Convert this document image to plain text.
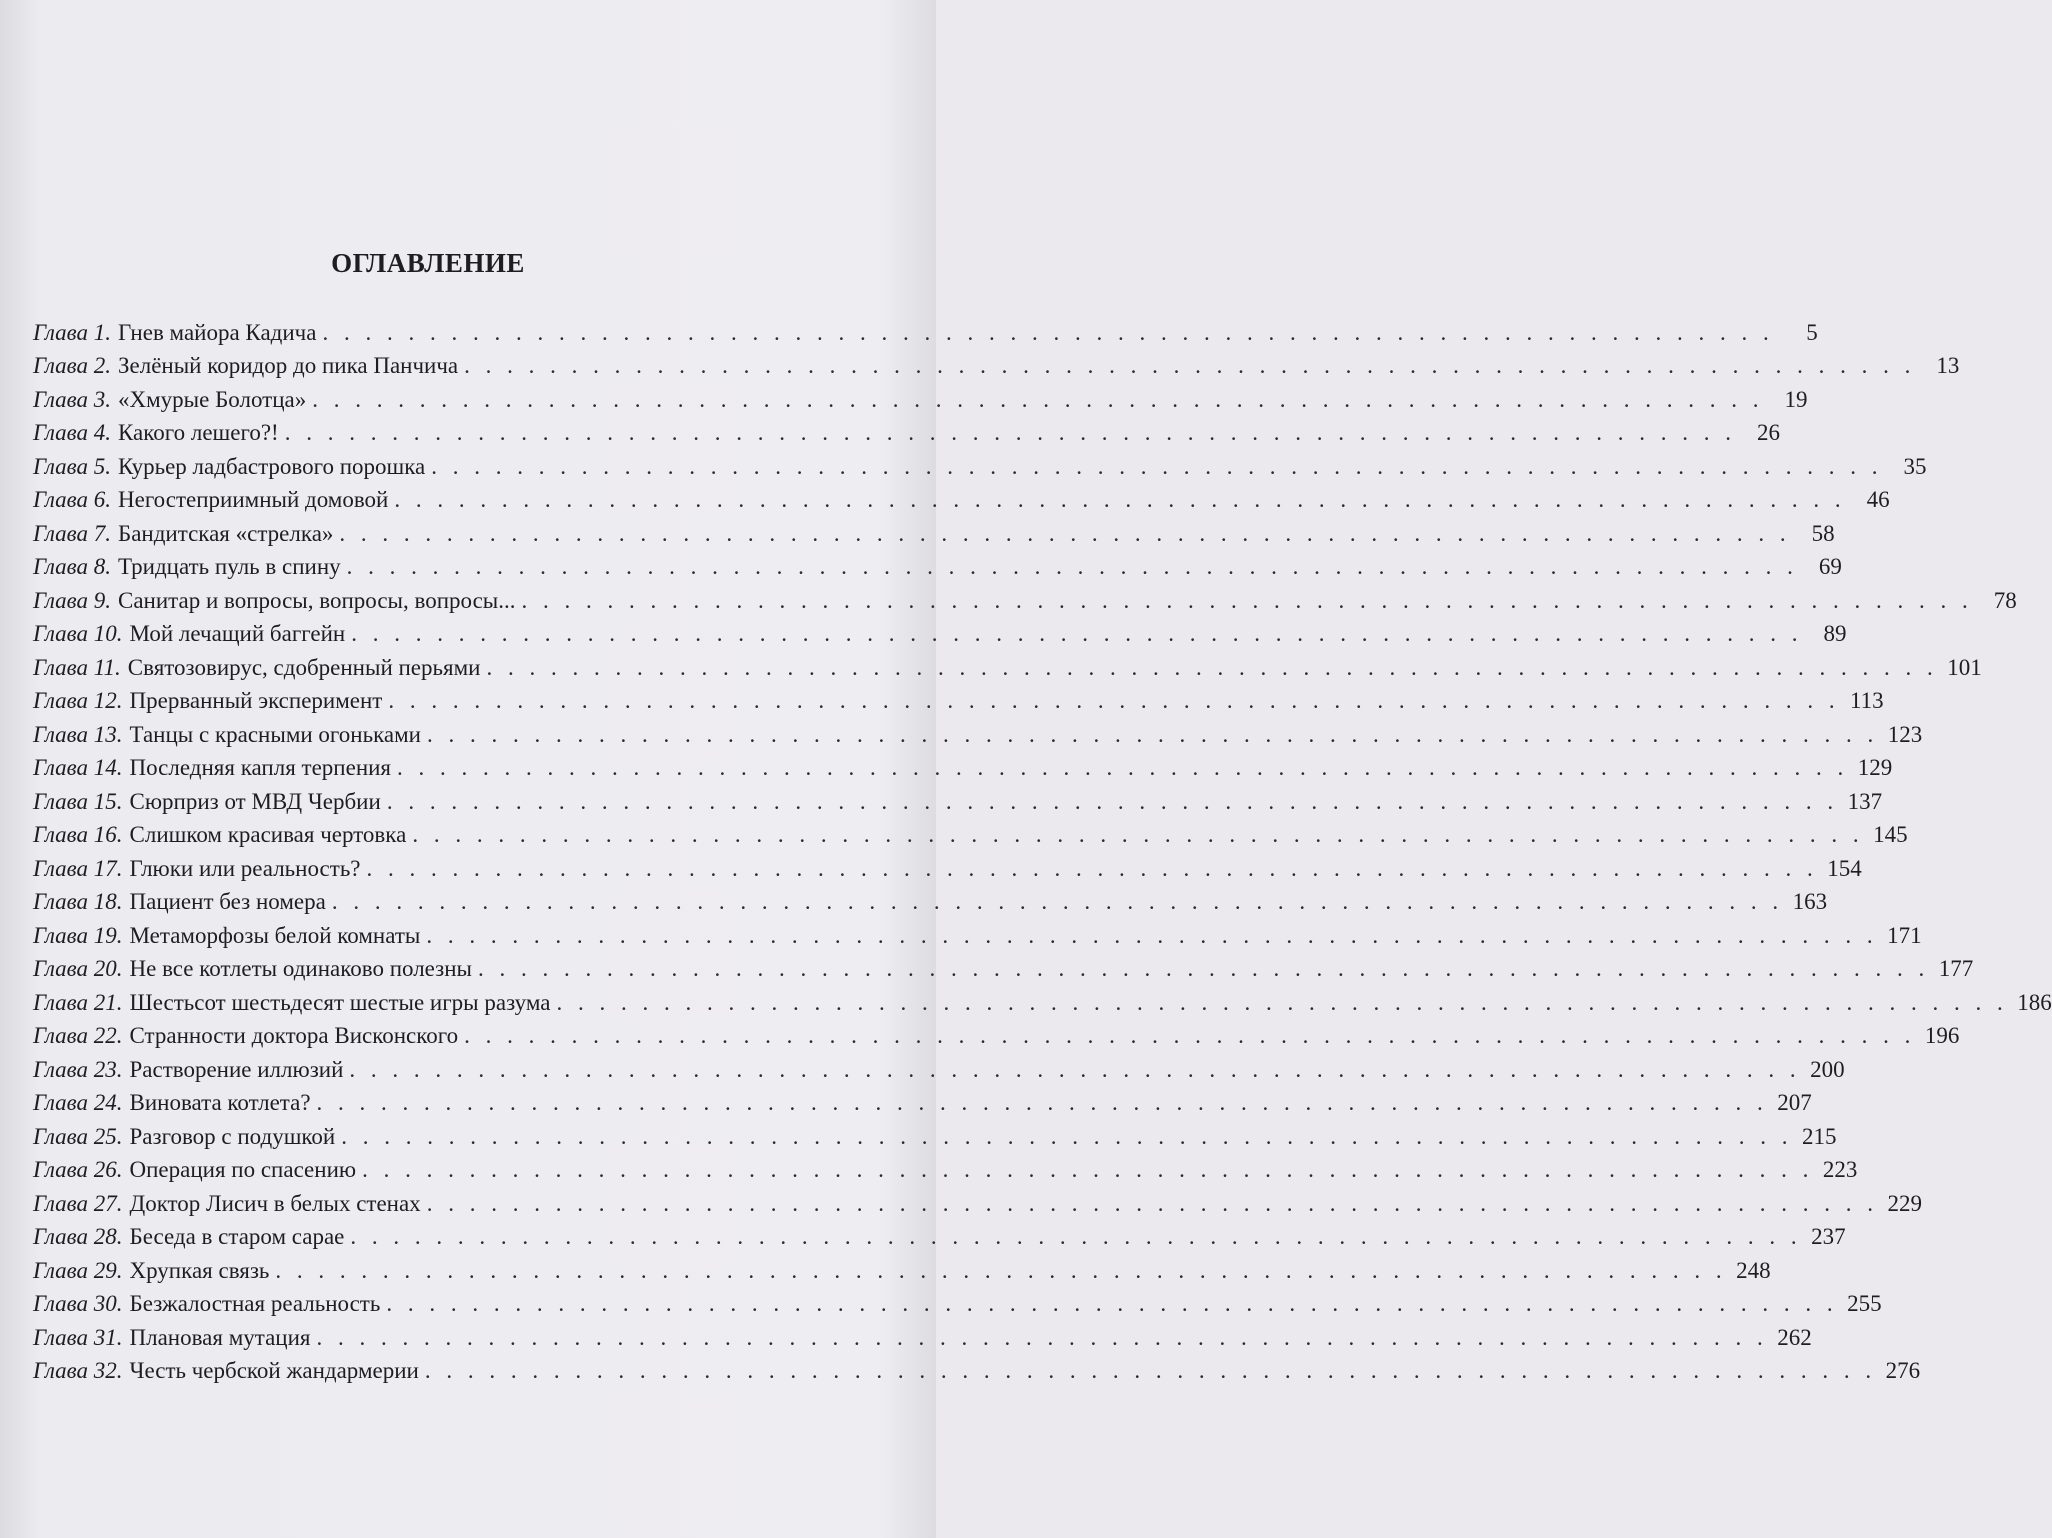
ОГЛАВЛЕНИЕ
Глава 1. Гнев майора Кадича . . . . . . . . . . . . . . . . . . . . . . . . . . . . . . . . . . . . . . . . . . . . . . . . . . . . . . . . . . . . . . . . . . . .	5
Глава 2. Зелёный коридор до пика Панчича . . . . . . . . . . . . . . . . . . . . . . . . . . . . . . . . . . . . . . . . . . . . . . . . . . . . . . . . . . . . . . . . . . . . 13
Глава 3. «Хмурые Болотца» . . . . . . . . . . . . . . . . . . . . . . . . . . . . . . . . . . . . . . . . . . . . . . . . . . . . . . . . . . . . . . . . . . . . 19
Глава 4. Какого лешего?! . . . . . . . . . . . . . . . . . . . . . . . . . . . . . . . . . . . . . . . . . . . . . . . . . . . . . . . . . . . . . . . . . . . . 26
Глава 5. Курьер ладбастрового порошка . . . . . . . . . . . . . . . . . . . . . . . . . . . . . . . . . . . . . . . . . . . . . . . . . . . . . . . . . . . . . . . . . . . . 35
Глава 6. Негостеприимный домовой . . . . . . . . . . . . . . . . . . . . . . . . . . . . . . . . . . . . . . . . . . . . . . . . . . . . . . . . . . . . . . . . . . . . 46
Глава 7. Бандитская «стрелка» . . . . . . . . . . . . . . . . . . . . . . . . . . . . . . . . . . . . . . . . . . . . . . . . . . . . . . . . . . . . . . . . . . . . 58
Глава 8. Тридцать пуль в спину . . . . . . . . . . . . . . . . . . . . . . . . . . . . . . . . . . . . . . . . . . . . . . . . . . . . . . . . . . . . . . . . . . . . 69
Глава 9. Санитар и вопросы, вопросы, вопросы... . . . . . . . . . . . . . . . . . . . . . . . . . . . . . . . . . . . . . . . . . . . . . . . . . . . . . . . . . . . . . . . . . . . . 78
Глава 10. Мой лечащий баггейн . . . . . . . . . . . . . . . . . . . . . . . . . . . . . . . . . . . . . . . . . . . . . . . . . . . . . . . . . . . . . . . . . . . . 89
Глава 11. Святозовирус, сдобренный перьями . . . . . . . . . . . . . . . . . . . . . . . . . . . . . . . . . . . . . . . . . . . . . . . . . . . . . . . . . . . . . . . . . . . . 101
Глава 12. Прерванный эксперимент . . . . . . . . . . . . . . . . . . . . . . . . . . . . . . . . . . . . . . . . . . . . . . . . . . . . . . . . . . . . . . . . . . . . 113
Глава 13. Танцы с красными огоньками . . . . . . . . . . . . . . . . . . . . . . . . . . . . . . . . . . . . . . . . . . . . . . . . . . . . . . . . . . . . . . . . . . . . 123
Глава 14. Последняя капля терпения . . . . . . . . . . . . . . . . . . . . . . . . . . . . . . . . . . . . . . . . . . . . . . . . . . . . . . . . . . . . . . . . . . . . 129
Глава 15. Сюрприз от МВД Чербии . . . . . . . . . . . . . . . . . . . . . . . . . . . . . . . . . . . . . . . . . . . . . . . . . . . . . . . . . . . . . . . . . . . . 137
Глава 16. Слишком красивая чертовка . . . . . . . . . . . . . . . . . . . . . . . . . . . . . . . . . . . . . . . . . . . . . . . . . . . . . . . . . . . . . . . . . . . . 145
Глава 17. Глюки или реальность? . . . . . . . . . . . . . . . . . . . . . . . . . . . . . . . . . . . . . . . . . . . . . . . . . . . . . . . . . . . . . . . . . . . . 154
Глава 18. Пациент без номера . . . . . . . . . . . . . . . . . . . . . . . . . . . . . . . . . . . . . . . . . . . . . . . . . . . . . . . . . . . . . . . . . . . . 163
Глава 19. Метаморфозы белой комнаты . . . . . . . . . . . . . . . . . . . . . . . . . . . . . . . . . . . . . . . . . . . . . . . . . . . . . . . . . . . . . . . . . . . . 171
Глава 20. Не все котлеты одинаково полезны . . . . . . . . . . . . . . . . . . . . . . . . . . . . . . . . . . . . . . . . . . . . . . . . . . . . . . . . . . . . . . . . . . . . 177
Глава 21. Шестьсот шестьдесят шестые игры разума . . . . . . . . . . . . . . . . . . . . . . . . . . . . . . . . . . . . . . . . . . . . . . . . . . . . . . . . . . . . . . . . . . . . 186
Глава 22. Странности доктора Висконского . . . . . . . . . . . . . . . . . . . . . . . . . . . . . . . . . . . . . . . . . . . . . . . . . . . . . . . . . . . . . . . . . . . . 196
Глава 23. Растворение иллюзий . . . . . . . . . . . . . . . . . . . . . . . . . . . . . . . . . . . . . . . . . . . . . . . . . . . . . . . . . . . . . . . . . . . . 200
Глава 24. Виновата котлета? . . . . . . . . . . . . . . . . . . . . . . . . . . . . . . . . . . . . . . . . . . . . . . . . . . . . . . . . . . . . . . . . . . . . 207
Глава 25. Разговор с подушкой . . . . . . . . . . . . . . . . . . . . . . . . . . . . . . . . . . . . . . . . . . . . . . . . . . . . . . . . . . . . . . . . . . . . 215
Глава 26. Операция по спасению . . . . . . . . . . . . . . . . . . . . . . . . . . . . . . . . . . . . . . . . . . . . . . . . . . . . . . . . . . . . . . . . . . . . 223
Глава 27. Доктор Лисич в белых стенах . . . . . . . . . . . . . . . . . . . . . . . . . . . . . . . . . . . . . . . . . . . . . . . . . . . . . . . . . . . . . . . . . . . . 229
Глава 28. Беседа в старом сарае . . . . . . . . . . . . . . . . . . . . . . . . . . . . . . . . . . . . . . . . . . . . . . . . . . . . . . . . . . . . . . . . . . . . 237
Глава 29. Хрупкая связь . . . . . . . . . . . . . . . . . . . . . . . . . . . . . . . . . . . . . . . . . . . . . . . . . . . . . . . . . . . . . . . . . . . . 248
Глава 30. Безжалостная реальность . . . . . . . . . . . . . . . . . . . . . . . . . . . . . . . . . . . . . . . . . . . . . . . . . . . . . . . . . . . . . . . . . . . . 255
Глава 31. Плановая мутация . . . . . . . . . . . . . . . . . . . . . . . . . . . . . . . . . . . . . . . . . . . . . . . . . . . . . . . . . . . . . . . . . . . . 262
Глава 32. Честь чербской жандармерии . . . . . . . . . . . . . . . . . . . . . . . . . . . . . . . . . . . . . . . . . . . . . . . . . . . . . . . . . . . . . . . . . . . . 276
